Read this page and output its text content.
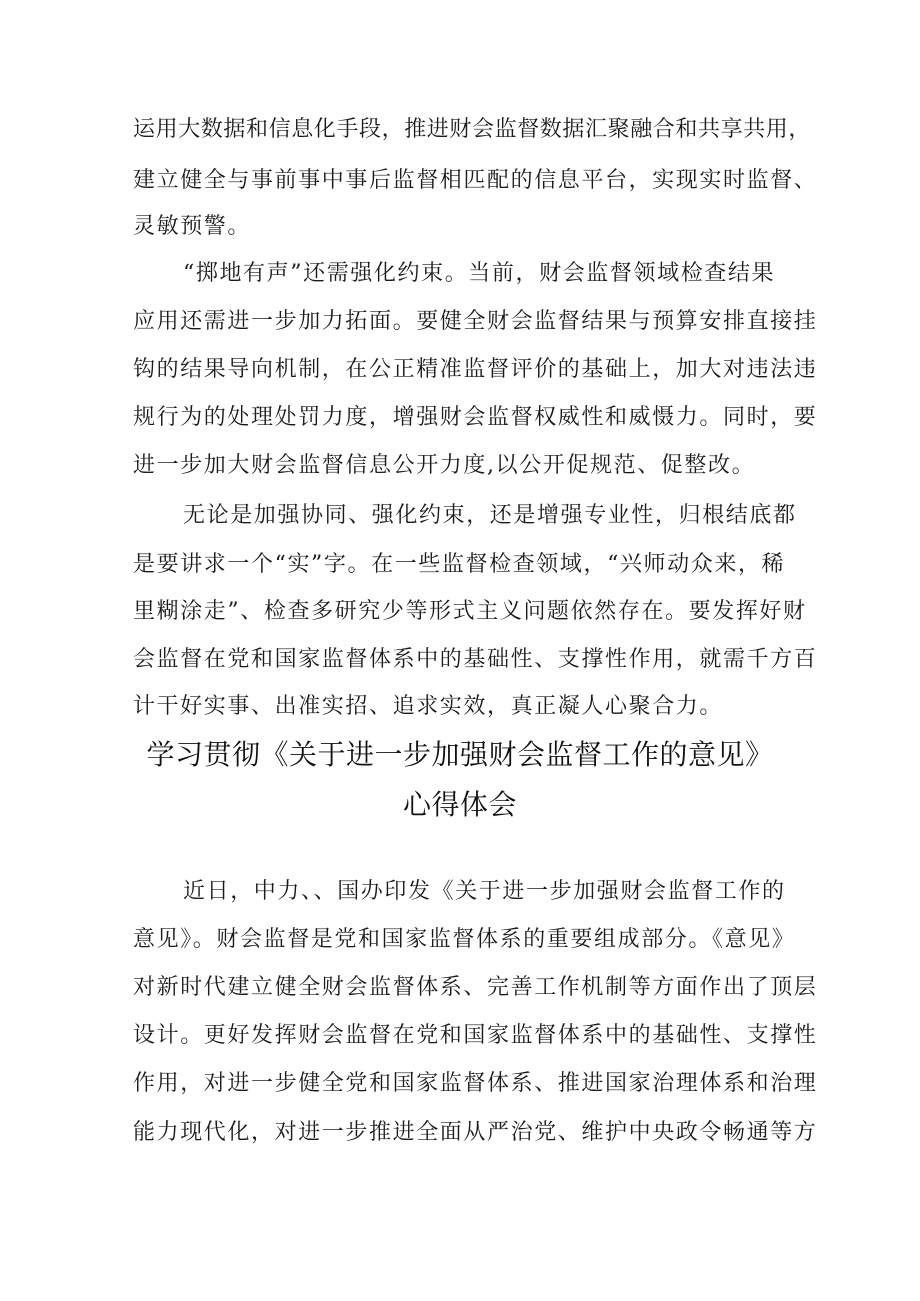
运用大数据和信息化手段，推进财会监督数据汇聚融合和共享共用，
建立健全与事前事中事后监督相匹配的信息平台，实现实时监督、
灵敏预警。
“掷地有声”还需强化约束。当前，财会监督领域检查结果
应用还需进一步加力拓面。要健全财会监督结果与预算安排直接挂
钩的结果导向机制，在公正精准监督评价的基础上，加大对违法违
规行为的处理处罚力度，增强财会监督权威性和威慑力。同时，要
进一步加大财会监督信息公开力度,以公开促规范、促整改。
无论是加强协同、强化约束，还是增强专业性，归根结底都
是要讲求一个“实”字。在一些监督检查领域，“兴师动众来，稀
里糊涂走”、检查多研究少等形式主义问题依然存在。要发挥好财
会监督在党和国家监督体系中的基础性、支撑性作用，就需千方百
计干好实事、出准实招、追求实效，真正凝人心聚合力。
学习贯彻《关于进一步加强财会监督工作的意见》
心得体会
近日，中力、、国办印发《关于进一步加强财会监督工作的
意见》。财会监督是党和国家监督体系的重要组成部分。《意见》
对新时代建立健全财会监督体系、完善工作机制等方面作出了顶层
设计。更好发挥财会监督在党和国家监督体系中的基础性、支撑性
作用，对进一步健全党和国家监督体系、推进国家治理体系和治理
能力现代化，对进一步推进全面从严治党、维护中央政令畅通等方
